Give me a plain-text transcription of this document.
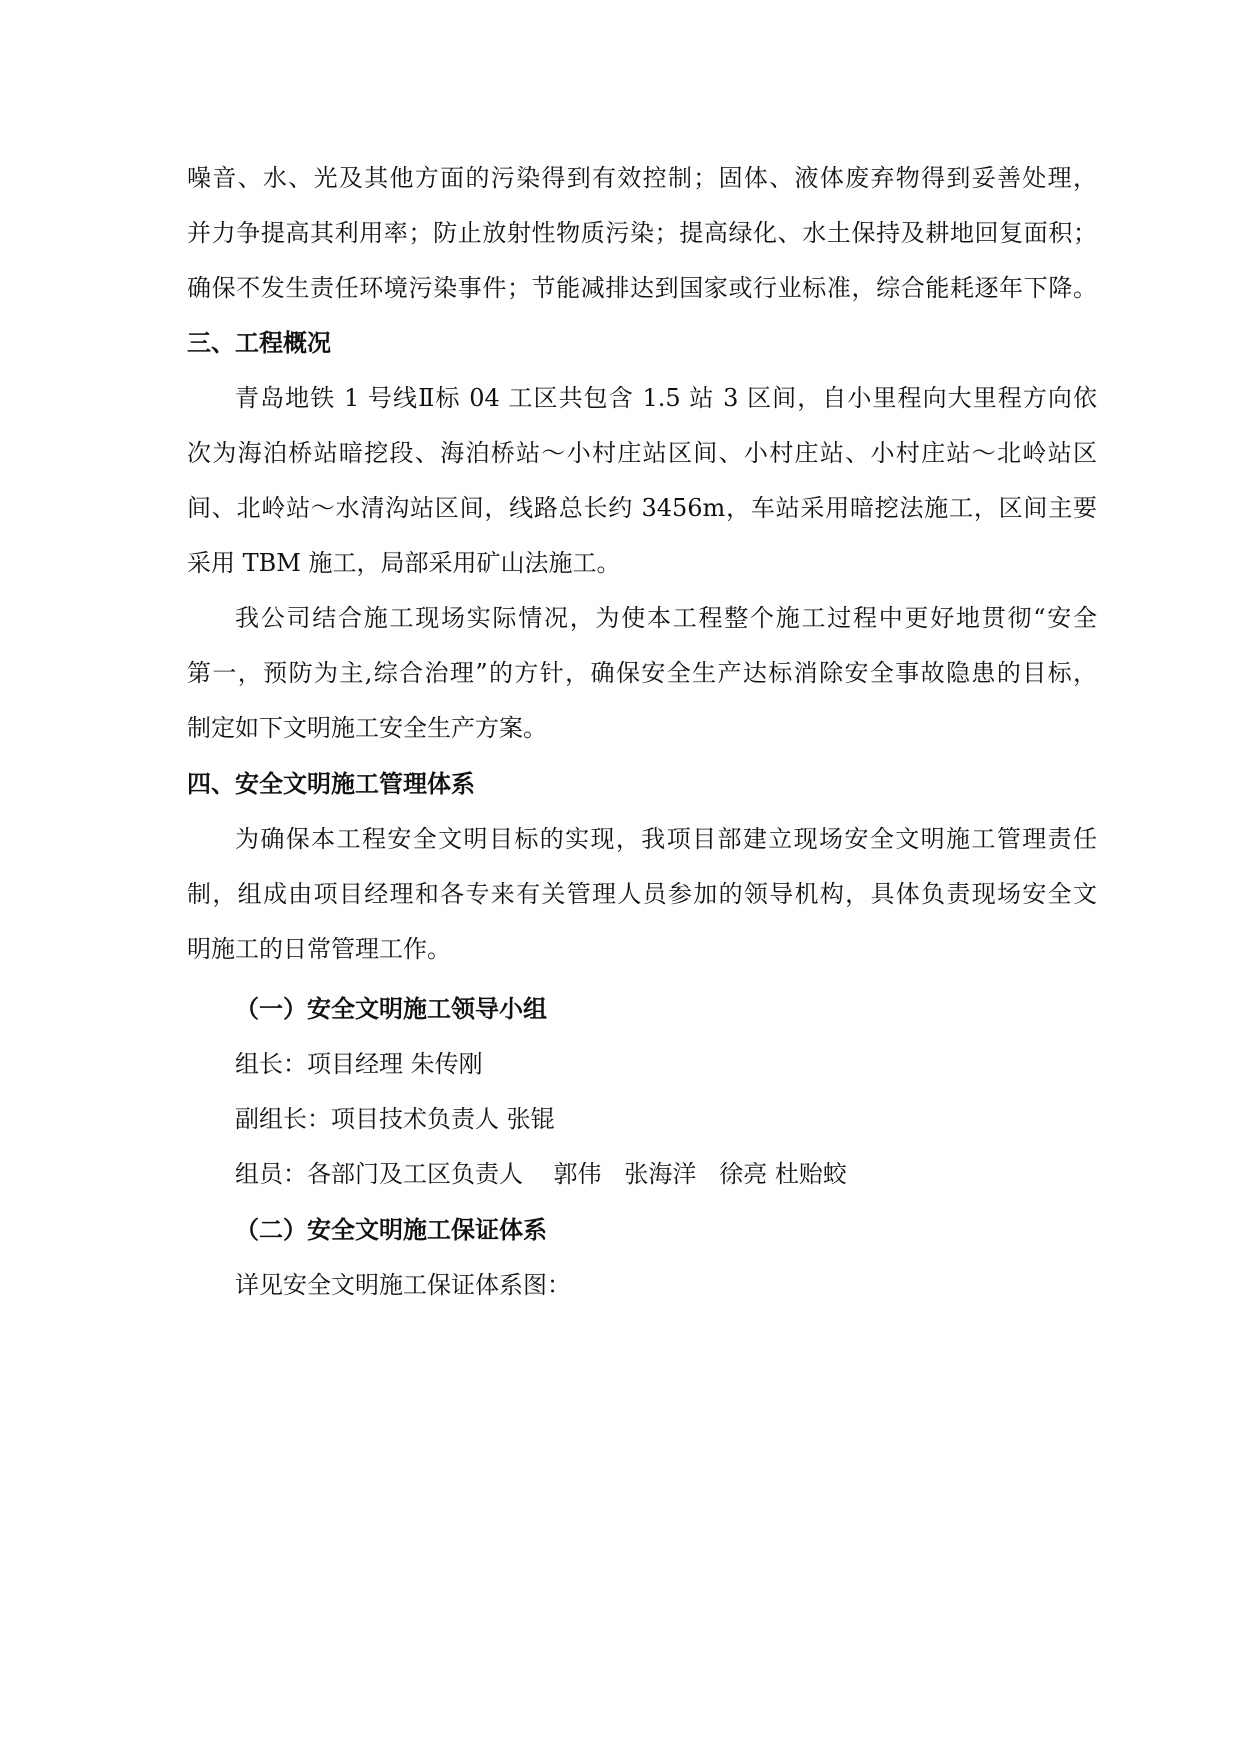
噪音、水、光及其他方面的污染得到有效控制；固体、液体废弃物得到妥善处理，
并力争提高其利用率；防止放射性物质污染；提高绿化、水土保持及耕地回复面积；
确保不发生责任环境污染事件；节能减排达到国家或行业标准，综合能耗逐年下降。
三、工程概况
青岛地铁 1 号线Ⅱ标 04 工区共包含 1.5 站 3 区间，自小里程向大里程方向依
次为海泊桥站暗挖段、海泊桥站～小村庄站区间、小村庄站、小村庄站～北岭站区
间、北岭站～水清沟站区间，线路总长约 3456m，车站采用暗挖法施工，区间主要
采用 TBM 施工，局部采用矿山法施工。
我公司结合施工现场实际情况，为使本工程整个施工过程中更好地贯彻“安全
第一，预防为主,综合治理”的方针，确保安全生产达标消除安全事故隐患的目标，
制定如下文明施工安全生产方案。
四、安全文明施工管理体系
为确保本工程安全文明目标的实现，我项目部建立现场安全文明施工管理责任
制，组成由项目经理和各专来有关管理人员参加的领导机构，具体负责现场安全文
明施工的日常管理工作。
（一）安全文明施工领导小组
组长：项目经理 朱传刚
副组长：项目技术负责人 张锟
组员：各部门及工区负责人    郭伟   张海洋   徐亮 杜贻蛟
（二）安全文明施工保证体系
详见安全文明施工保证体系图：
